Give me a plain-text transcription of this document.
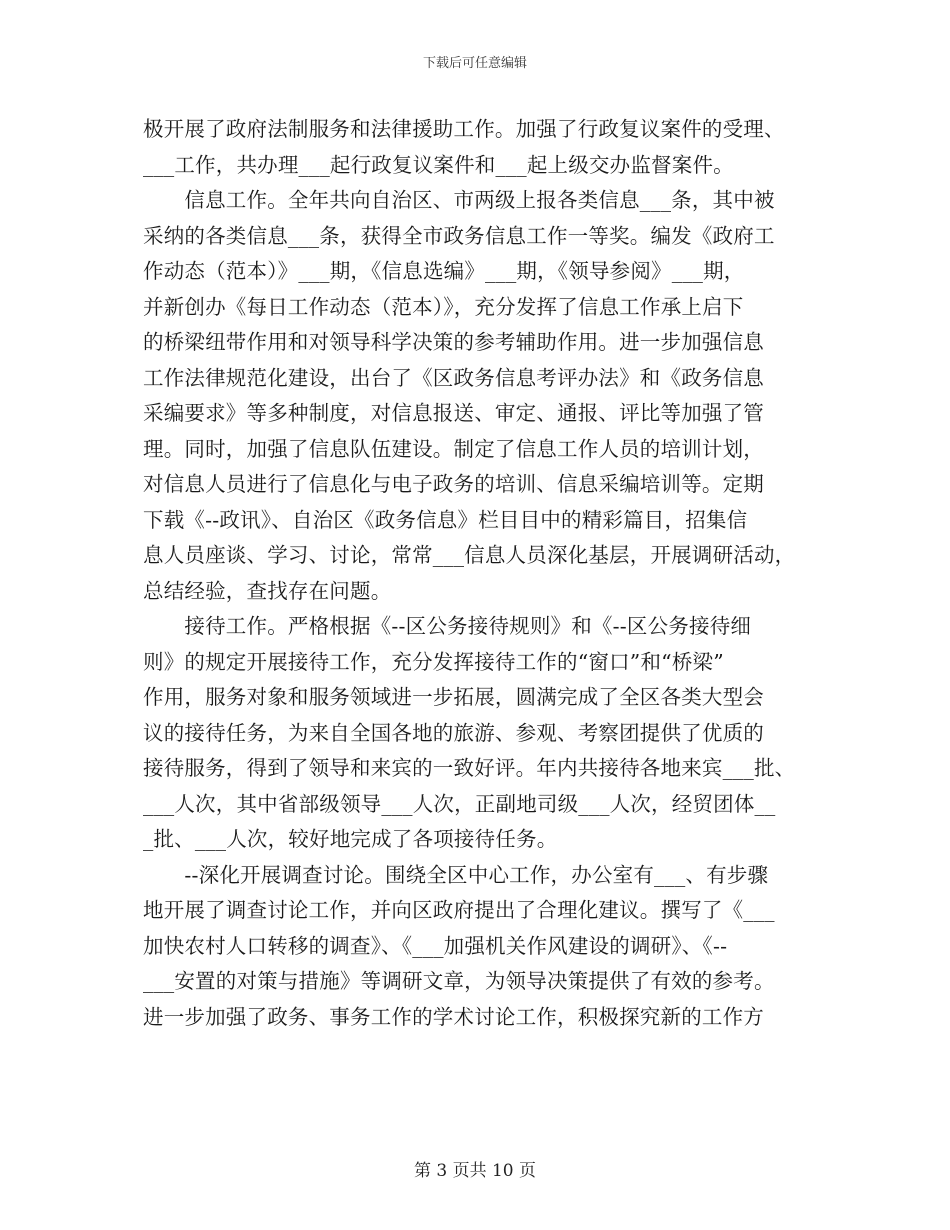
下载后可任意编辑
极开展了政府法制服务和法律援助工作。加强了行政复议案件的受理、
___工作，共办理___起行政复议案件和___起上级交办监督案件。
　　信息工作。全年共向自治区、市两级上报各类信息___条，其中被
采纳的各类信息___条，获得全市政务信息工作一等奖。编发《政府工
作动态（范本）》___期，《信息选编》___期，《领导参阅》___期，
并新创办《每日工作动态（范本）》，充分发挥了信息工作承上启下
的桥梁纽带作用和对领导科学决策的参考辅助作用。进一步加强信息
工作法律规范化建设，出台了《区政务信息考评办法》和《政务信息
采编要求》等多种制度，对信息报送、审定、通报、评比等加强了管
理。同时，加强了信息队伍建设。制定了信息工作人员的培训计划，
对信息人员进行了信息化与电子政务的培训、信息采编培训等。定期
下载《--政讯》、自治区《政务信息》栏目目中的精彩篇目，招集信
息人员座谈、学习、讨论，常常___信息人员深化基层，开展调研活动，
总结经验，查找存在问题。
　　接待工作。严格根据《--区公务接待规则》和《--区公务接待细
则》的规定开展接待工作，充分发挥接待工作的“窗口”和“桥梁”
作用，服务对象和服务领域进一步拓展，圆满完成了全区各类大型会
议的接待任务，为来自全国各地的旅游、参观、考察团提供了优质的
接待服务，得到了领导和来宾的一致好评。年内共接待各地来宾___批、
___人次，其中省部级领导___人次，正副地司级___人次，经贸团体__
_批、___人次，较好地完成了各项接待任务。
　　--深化开展调查讨论。围绕全区中心工作，办公室有___、有步骤
地开展了调查讨论工作，并向区政府提出了合理化建议。撰写了《___
加快农村人口转移的调查》、《___加强机关作风建设的调研》、《--
___安置的对策与措施》等调研文章，为领导决策提供了有效的参考。
进一步加强了政务、事务工作的学术讨论工作，积极探究新的工作方
第 3 页共 10 页
